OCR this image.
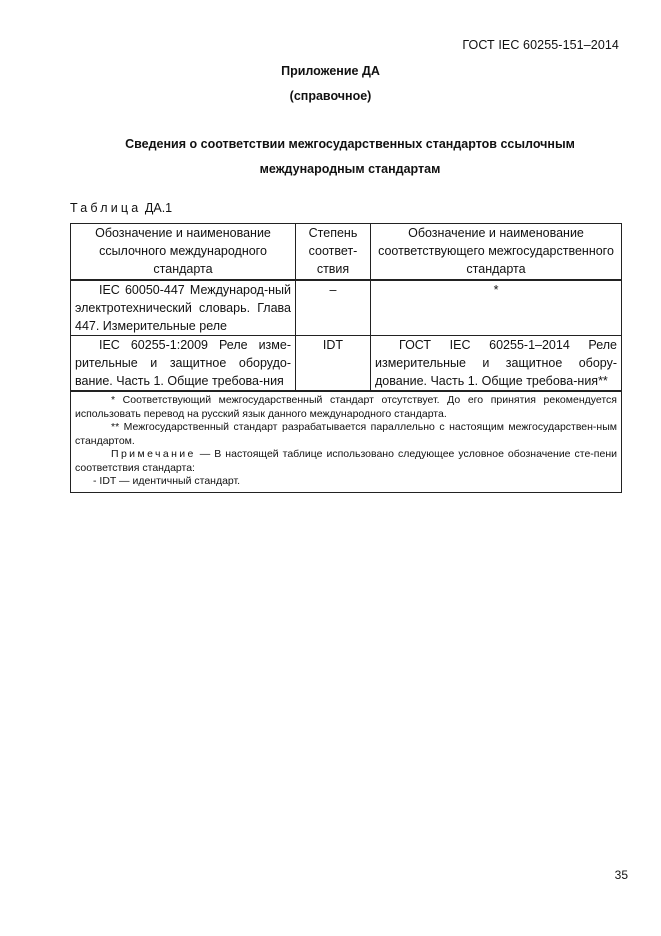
ГОСТ IEC 60255-151–2014
Приложение ДА
(справочное)
Сведения о соответствии межгосударственных стандартов ссылочным
международным стандартам
Таблица ДА.1
Обозначение и наименование ссылочного международного стандарта	Степень соответ-ствия	Обозначение и наименование соответствующего межгосударственного стандарта
IEC 60050-447 Международ-ный электротехнический словарь. Глава 447. Измерительные реле	–	*
IEC 60255-1:2009 Реле изме-рительные и защитное оборудо-вание. Часть 1. Общие требова-ния	IDT	ГОСТ IEC 60255-1–2014 Реле измерительные и защитное обору-дование. Часть 1. Общие требова-ния**

* Соответствующий межгосударственный стандарт отсутствует. До его принятия рекомендуется использовать перевод на русский язык данного международного стандарта.
** Межгосударственный стандарт разрабатывается параллельно с настоящим межгосударствен-ным стандартом.
Примечание — В настоящей таблице использовано следующее условное обозначение сте-пени соответствия стандарта:
- IDT — идентичный стандарт.		
35
